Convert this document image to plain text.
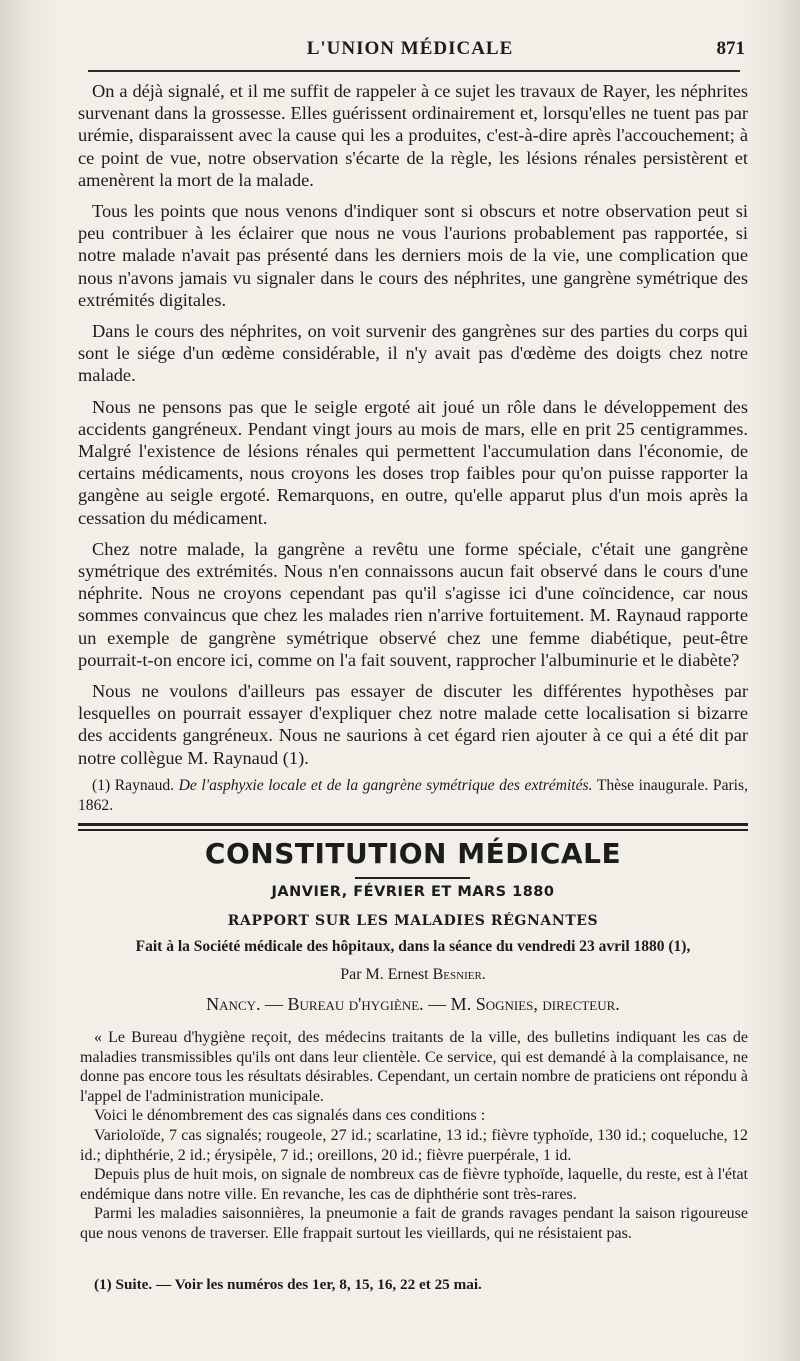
L'UNION MÉDICALE	871

On a déjà signalé, et il me suffit de rappeler à ce sujet les travaux de Rayer, les néphrites survenant dans la grossesse. Elles guérissent ordinairement et, lorsqu'elles ne tuent pas par urémie, disparaissent avec la cause qui les a produites, c'est-à-dire après l'accouchement; à ce point de vue, notre observation s'écarte de la règle, les lésions rénales persistèrent et amenèrent la mort de la malade.

Tous les points que nous venons d'indiquer sont si obscurs et notre observation peut si peu contribuer à les éclairer que nous ne vous l'aurions probablement pas rapportée, si notre malade n'avait pas présenté dans les derniers mois de la vie, une complication que nous n'avons jamais vu signaler dans le cours des néphrites, une gangrène symétrique des extrémités digitales.

Dans le cours des néphrites, on voit survenir des gangrènes sur des parties du corps qui sont le siége d'un œdème considérable, il n'y avait pas d'œdème des doigts chez notre malade.

Nous ne pensons pas que le seigle ergoté ait joué un rôle dans le développement des accidents gangréneux. Pendant vingt jours au mois de mars, elle en prit 25 centigrammes. Malgré l'existence de lésions rénales qui permettent l'accumulation dans l'économie, de certains médicaments, nous croyons les doses trop faibles pour qu'on puisse rapporter la gangène au seigle ergoté. Remarquons, en outre, qu'elle apparut plus d'un mois après la cessation du médicament.

Chez notre malade, la gangrène a revêtu une forme spéciale, c'était une gangrène symétrique des extrémités. Nous n'en connaissons aucun fait observé dans le cours d'une néphrite. Nous ne croyons cependant pas qu'il s'agisse ici d'une coïncidence, car nous sommes convaincus que chez les malades rien n'arrive fortuitement. M. Raynaud rapporte un exemple de gangrène symétrique observé chez une femme diabétique, peut-être pourrait-t-on encore ici, comme on l'a fait souvent, rapprocher l'albuminurie et le diabète?

Nous ne voulons d'ailleurs pas essayer de discuter les différentes hypothèses par lesquelles on pourrait essayer d'expliquer chez notre malade cette localisation si bizarre des accidents gangréneux. Nous ne saurions à cet égard rien ajouter à ce qui a été dit par notre collègue M. Raynaud (1).

(1) Raynaud. De l'asphyxie locale et de la gangrène symétrique des extrémités. Thèse inaugurale. Paris, 1862.
CONSTITUTION MÉDICALE
JANVIER, FÉVRIER ET MARS 1880
RAPPORT SUR LES MALADIES RÉGNANTES
Fait à la Société médicale des hôpitaux, dans la séance du vendredi 23 avril 1880 (1),
Par M. Ernest Besnier.
Nancy. — Bureau d'hygiène. — M. Sognies, directeur.

« Le Bureau d'hygiène reçoit, des médecins traitants de la ville, des bulletins indiquant les cas de maladies transmissibles qu'ils ont dans leur clientèle. Ce service, qui est demandé à la complaisance, ne donne pas encore tous les résultats désirables. Cependant, un certain nombre de praticiens ont répondu à l'appel de l'administration municipale.

Voici le dénombrement des cas signalés dans ces conditions :

Varioloïde, 7 cas signalés; rougeole, 27 id.; scarlatine, 13 id.; fièvre typhoïde, 130 id.; coqueluche, 12 id.; diphthérie, 2 id.; érysipèle, 7 id.; oreillons, 20 id.; fièvre puerpérale, 1 id.

Depuis plus de huit mois, on signale de nombreux cas de fièvre typhoïde, laquelle, du reste, est à l'état endémique dans notre ville. En revanche, les cas de diphthérie sont très-rares.

Parmi les maladies saisonnières, la pneumonie a fait de grands ravages pendant la saison rigoureuse que nous venons de traverser. Elle frappait surtout les vieillards, qui ne résistaient pas.

(1) Suite. — Voir les numéros des 1er, 8, 15, 16, 22 et 25 mai.
